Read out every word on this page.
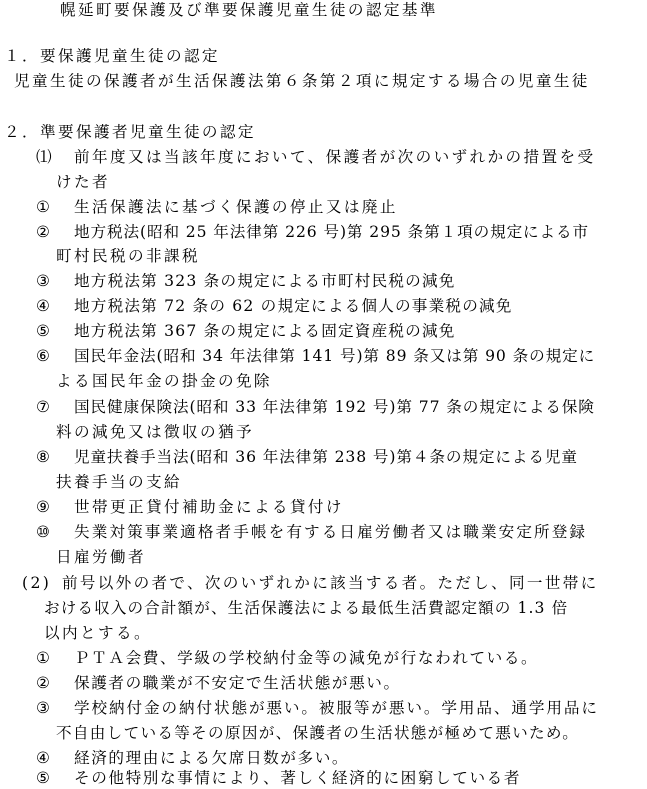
幌延町要保護及び準要保護児童生徒の認定基準
１．要保護児童生徒の認定
児童生徒の保護者が生活保護法第６条第２項に規定する場合の児童生徒
２．準要保護者児童生徒の認定
⑴ 前年度又は当該年度において、保護者が次のいずれかの措置を受
けた者
① 生活保護法に基づく保護の停止又は廃止
② 地方税法(昭和 25 年法律第 226 号)第 295 条第１項の規定による市
町村民税の非課税
③ 地方税法第 323 条の規定による市町村民税の減免
④ 地方税法第 72 条の 62 の規定による個人の事業税の減免
⑤ 地方税法第 367 条の規定による固定資産税の減免
⑥ 国民年金法(昭和 34 年法律第 141 号)第 89 条又は第 90 条の規定に
よる国民年金の掛金の免除
⑦ 国民健康保険法(昭和 33 年法律第 192 号)第 77 条の規定による保険
料の減免又は徴収の猶予
⑧ 児童扶養手当法(昭和 36 年法律第 238 号)第４条の規定による児童
扶養手当の支給
⑨ 世帯更正貸付補助金による貸付け
⑩ 失業対策事業適格者手帳を有する日雇労働者又は職業安定所登録
日雇労働者
(2) 前号以外の者で、次のいずれかに該当する者。ただし、同一世帯に
おける収入の合計額が、生活保護法による最低生活費認定額の 1.3 倍
以内とする。
① ＰＴＡ会費、学級の学校納付金等の減免が行なわれている。
② 保護者の職業が不安定で生活状態が悪い。
③ 学校納付金の納付状態が悪い。被服等が悪い。学用品、通学用品に
不自由している等その原因が、保護者の生活状態が極めて悪いため。
④ 経済的理由による欠席日数が多い。
⑤ その他特別な事情により、著しく経済的に困窮している者
